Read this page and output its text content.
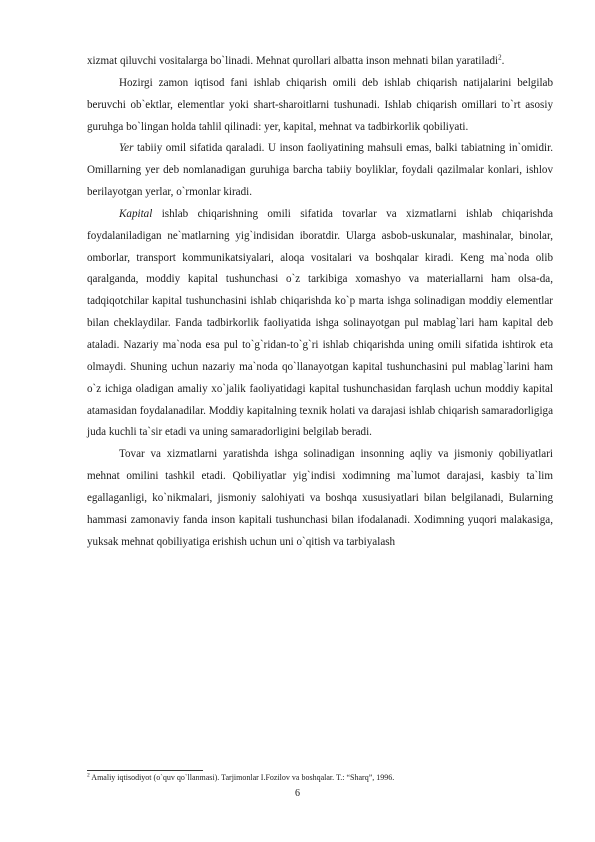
xizmat qiluvchi vositalarga bo`linadi. Mehnat qurollari albatta inson mehnati bilan yaratiladi$^2$.

Hozirgi zamon iqtisod fani ishlab chiqarish omili deb ishlab chiqarish natijalarini belgilab beruvchi ob`ektlar, elementlar yoki shart-sharoitlarni tushunadi. Ishlab chiqarish omillari to`rt asosiy guruhga bo`lingan holda tahlil qilinadi: yer, kapital, mehnat va tadbirkorlik qobiliyati.

Yer tabiiy omil sifatida qaraladi. U inson faoliyatining mahsuli emas, balki tabiatning in`omidir. Omillarning yer deb nomlanadigan guruhiga barcha tabiiy boyliklar, foydali qazilmalar konlari, ishlov berilayotgan yerlar, o`rmonlar kiradi.

Kapital ishlab chiqarishning omili sifatida tovarlar va xizmatlarni ishlab chiqarishda foydalaniladigan ne`matlarning yig`indisidan iboratdir. Ularga asbob-uskunalar, mashinalar, binolar, omborlar, transport kommunikatsiyalari, aloqa vositalari va boshqalar kiradi. Keng ma`noda olib qaralganda, moddiy kapital tushunchasi o`z tarkibiga xomashyo va materiallarni ham olsa-da, tadqiqotchilar kapital tushunchasini ishlab chiqarishda ko`p marta ishga solinadigan moddiy elementlar bilan cheklaydilar. Fanda tadbirkorlik faoliyatida ishga solinayotgan pul mablag`lari ham kapital deb ataladi. Nazariy ma`noda esa pul to`g`ridan-to`g`ri ishlab chiqarishda uning omili sifatida ishtirok eta olmaydi. Shuning uchun nazariy ma`noda qo`llanayotgan kapital tushunchasini pul mablag`larini ham o`z ichiga oladigan amaliy xo`jalik faoliyatidagi kapital tushunchasidan farqlash uchun moddiy kapital atamasidan foydalanadilar. Moddiy kapitalning texnik holati va darajasi ishlab chiqarish samaradorligiga juda kuchli ta`sir etadi va uning samaradorligini belgilab beradi.

Tovar va xizmatlarni yaratishda ishga solinadigan insonning aqliy va jismoniy qobiliyatlari mehnat omilini tashkil etadi. Qobiliyatlar yig`indisi xodimning ma`lumot darajasi, kasbiy ta`lim egallaganligi, ko`nikmalari, jismoniy salohiyati va boshqa xususiyatlari bilan belgilanadi, Bularning hammasi zamonaviy fanda inson kapitali tushunchasi bilan ifodalanadi. Xodimning yuqori malakasiga, yuksak mehnat qobiliyatiga erishish uchun uni o`qitish va tarbiyalash

$^2$ Amaliy iqtisodiyot (o`quv qo`llanmasi). Tarjimonlar I.Fozilov va boshqalar. T.: “Sharq”, 1996.

6
